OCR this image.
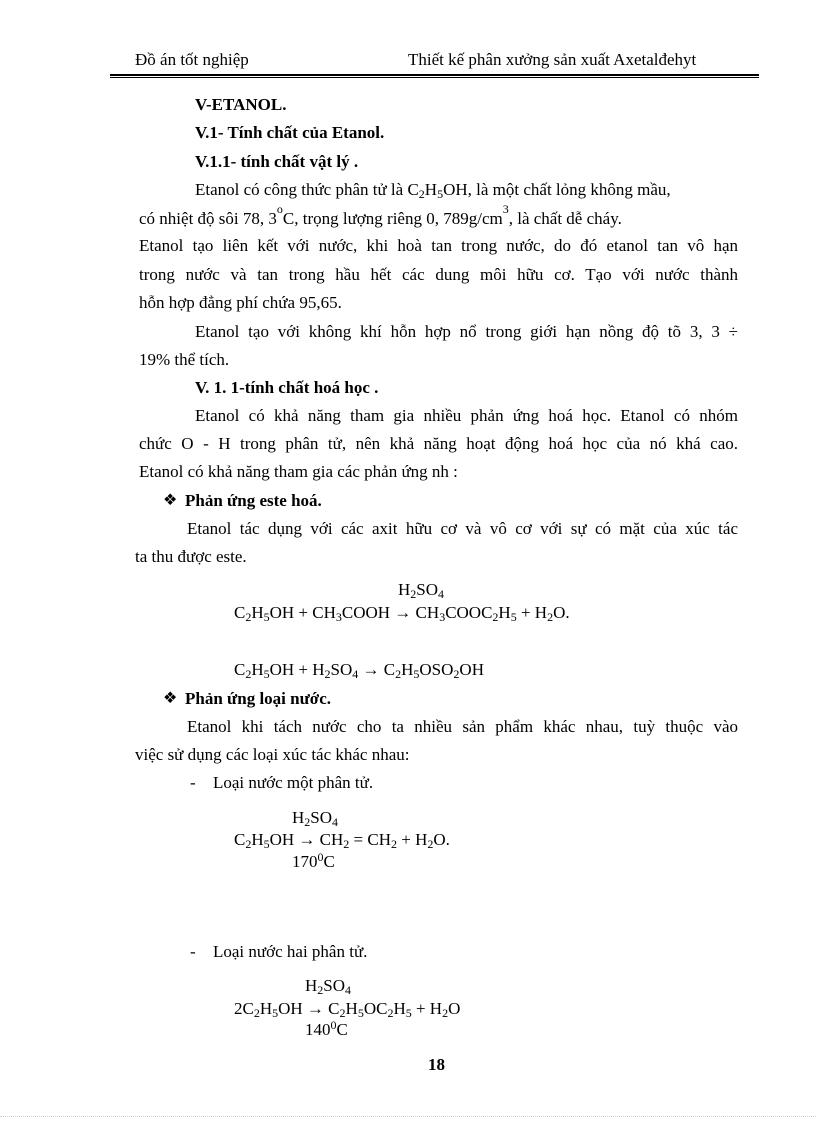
Đồ án tốt nghiệp	Thiết kế phân xưởng sản xuất Axetalđehyt
V-ETANOL.
V.1- Tính chất của Etanol.
V.1.1- tính chất vật lý .
Etanol có công thức phân tử là $C_2H_5OH$, là một chất lỏng không mầu,
có nhiệt độ sôi 78, 3 o C, trọng lượng riêng 0, 789g/cm 3 , là chất dễ cháy.
Etanol tạo liên kết với nước, khi hoà tan trong nước, do đó etanol tan vô hạn
trong nước và tan trong hầu hết các dung môi hữu cơ. Tạo với nước thành
hỗn hợp đẳng phí chứa 95,65.
Etanol tạo với không khí hỗn hợp nổ trong giới hạn nồng độ tõ 3, 3 ÷
19% thể tích.
V. 1. 1-tính chất hoá học .
Etanol có khả năng tham gia nhiều phản ứng hoá học. Etanol có nhóm
chức O - H trong phân tử, nên khả năng hoạt động hoá học của nó khá cao.
Etanol có khả năng tham gia các phản ứng nh :
❖ Phản ứng este hoá.
Etanol tác dụng với các axit hữu cơ và vô cơ với sự có mặt của xúc tác
ta thu được este.
$H_2SO_4$
$C_2H_5OH$ + $CH_3COOH$ → $CH_3COOC_2H_5 + H_2O$.
$C_2H_5OH + H_2SO_4 \to C_2H_5OSO_2OH$
❖ Phản ứng loại nước.
Etanol khi tách nước cho ta nhiều sản phẩm khác nhau, tuỳ thuộc vào
việc sử dụng các loại xúc tác khác nhau:
- Loại nước một phân tử.
$H_2SO_4$
$C_2H_5OH \to CH_2 = CH_2 + H_2O$.
$170^0C$
- Loại nước hai phân tử.
$H_2SO_4$
$2C_2H_5OH \to C_2H_5OC_2H_5 + H_2O$
$140^0C$
18
